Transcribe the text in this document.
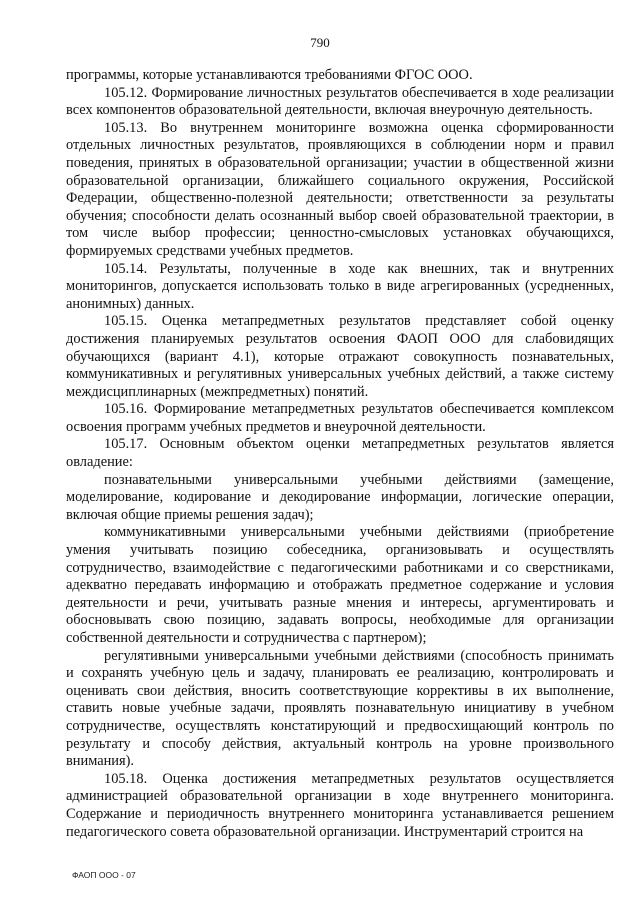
790

программы, которые устанавливаются требованиями ФГОС ООО.

105.12. Формирование личностных результатов обеспечивается в ходе реализации всех компонентов образовательной деятельности, включая внеурочную деятельность.

105.13. Во внутреннем мониторинге возможна оценка сформированности отдельных личностных результатов, проявляющихся в соблюдении норм и правил поведения, принятых в образовательной организации; участии в общественной жизни образовательной организации, ближайшего социального окружения, Российской Федерации, общественно-полезной деятельности; ответственности за результаты обучения; способности делать осознанный выбор своей образовательной траектории, в том числе выбор профессии; ценностно-смысловых установках обучающихся, формируемых средствами учебных предметов.

105.14. Результаты, полученные в ходе как внешних, так и внутренних мониторингов, допускается использовать только в виде агрегированных (усредненных, анонимных) данных.

105.15. Оценка метапредметных результатов представляет собой оценку достижения планируемых результатов освоения ФАОП ООО для слабовидящих обучающихся (вариант 4.1), которые отражают совокупность познавательных, коммуникативных и регулятивных универсальных учебных действий, а также систему междисциплинарных (межпредметных) понятий.

105.16. Формирование метапредметных результатов обеспечивается комплексом освоения программ учебных предметов и внеурочной деятельности.

105.17. Основным объектом оценки метапредметных результатов является овладение:

познавательными универсальными учебными действиями (замещение, моделирование, кодирование и декодирование информации, логические операции, включая общие приемы решения задач);

коммуникативными универсальными учебными действиями (приобретение умения учитывать позицию собеседника, организовывать и осуществлять сотрудничество, взаимодействие с педагогическими работниками и со сверстниками, адекватно передавать информацию и отображать предметное содержание и условия деятельности и речи, учитывать разные мнения и интересы, аргументировать и обосновывать свою позицию, задавать вопросы, необходимые для организации собственной деятельности и сотрудничества с партнером);

регулятивными универсальными учебными действиями (способность принимать и сохранять учебную цель и задачу, планировать ее реализацию, контролировать и оценивать свои действия, вносить соответствующие коррективы в их выполнение, ставить новые учебные задачи, проявлять познавательную инициативу в учебном сотрудничестве, осуществлять констатирующий и предвосхищающий контроль по результату и способу действия, актуальный контроль на уровне произвольного внимания).

105.18. Оценка достижения метапредметных результатов осуществляется администрацией образовательной организации в ходе внутреннего мониторинга. Содержание и периодичность внутреннего мониторинга устанавливается решением педагогического совета образовательной организации. Инструментарий строится на

ФАОП ООО - 07
